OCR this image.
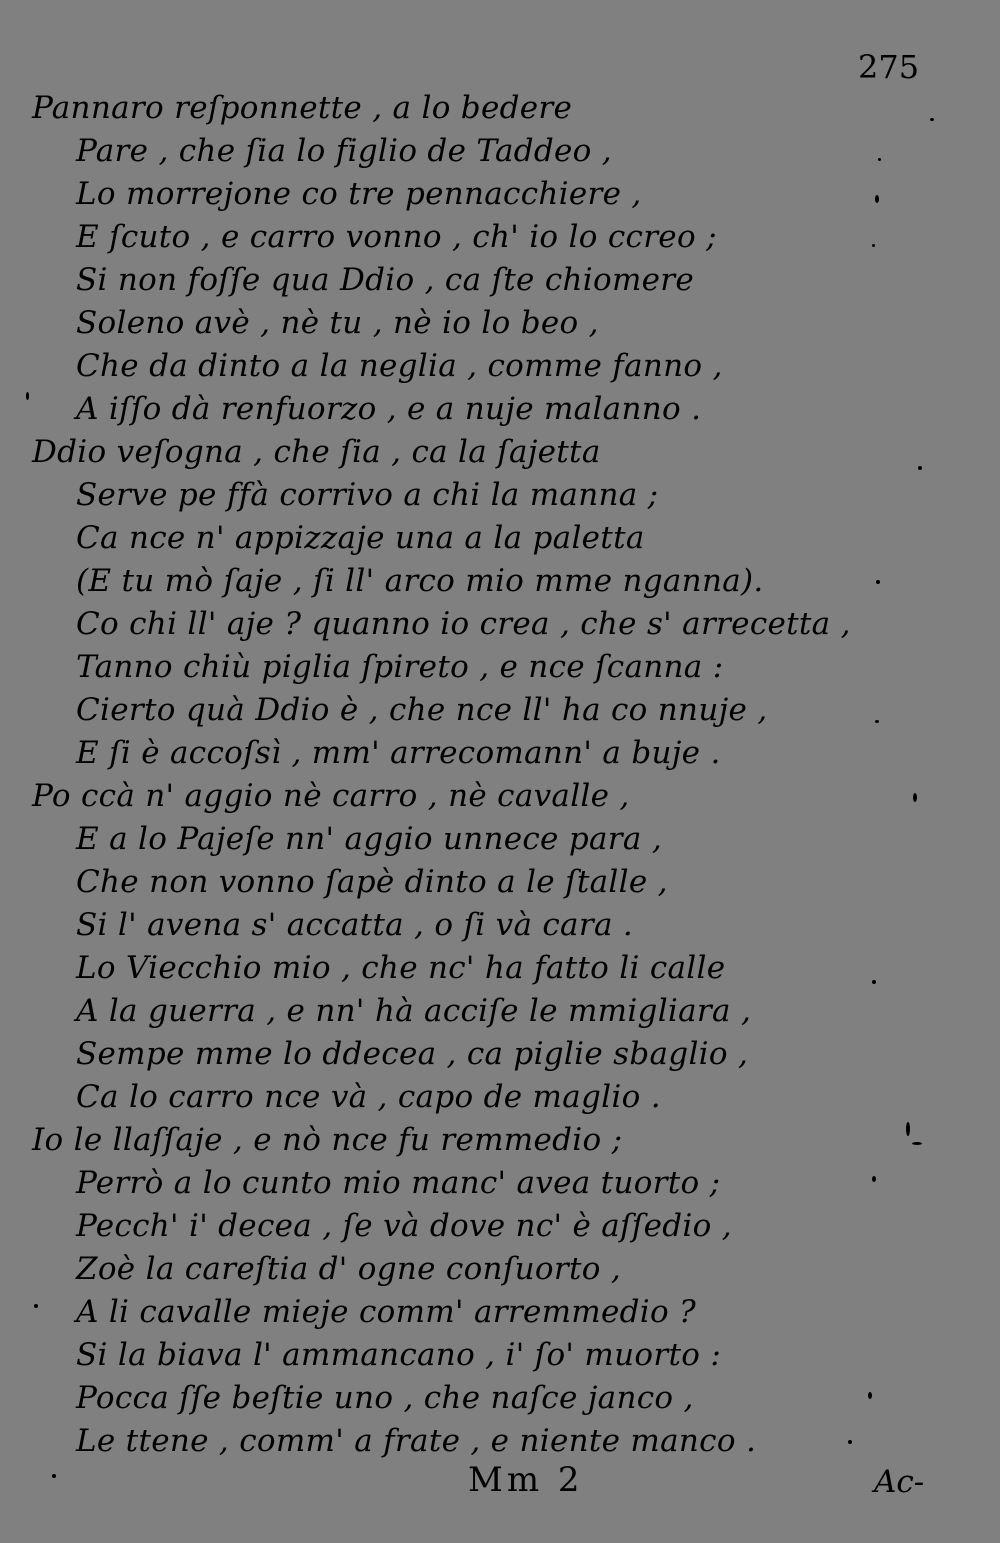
275
Pannaro reſponnette , a lo bedere
Pare , che ſia lo figlio de Taddeo ,
Lo morrejone co tre pennacchiere ,
E ſcuto , e carro vonno , ch' io lo ccreo ;
Si non foſſe qua Ddio , ca ſte chiomere
Soleno avè , nè tu , nè io lo beo ,
Che da dinto a la neglia , comme fanno ,
A iſſo dà renfuorzo , e a nuje malanno .
Ddio veſogna , che ſia , ca la ſajetta
Serve pe ffà corrivo a chi la manna ;
Ca nce n' appizzaje una a la paletta
(E tu mò ſaje , ſi ll' arco mio mme nganna).
Co chi ll' aje ? quanno io crea , che s' arrecetta ,
Tanno chiù piglia ſpireto , e nce ſcanna :
Cierto quà Ddio è , che nce ll' ha co nnuje ,
E ſi è accoſsì , mm' arrecomann' a buje .
Po ccà n' aggio nè carro , nè cavalle ,
E a lo Pajeſe nn' aggio unnece para ,
Che non vonno ſapè dinto a le ſtalle ,
Si l' avena s' accatta , o ſi và cara .
Lo Viecchio mio , che nc' ha fatto li calle
A la guerra , e nn' hà acciſe le mmigliara ,
Sempe mme lo ddecea , ca piglie sbaglio ,
Ca lo carro nce và , capo de maglio .
Io le llaſſaje , e nò nce fu remmedio ;
Perrò a lo cunto mio manc' avea tuorto ;
Pecch' i' decea , ſe và dove nc' è aſſedio ,
Zoè la careſtia d' ogne conſuorto ,
A li cavalle mieje comm' arremmedio ?
Si la biava l' ammancano , i' ſo' muorto :
Pocca ſſe beſtie uno , che naſce janco ,
Le ttene , comm' a frate , e niente manco .
Mm 2	Ac-
